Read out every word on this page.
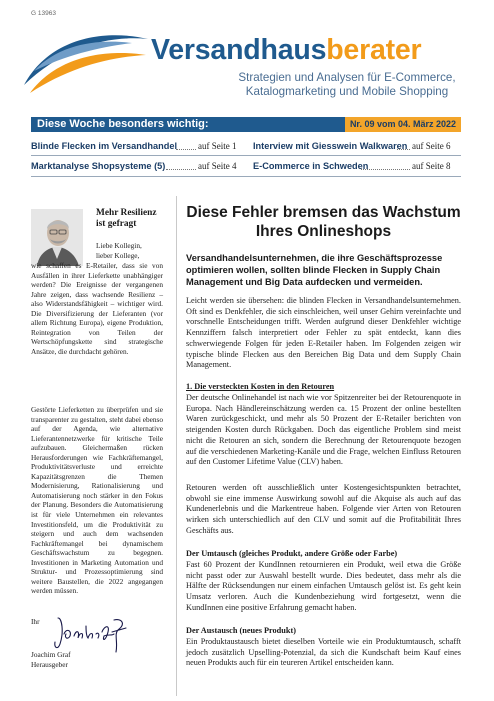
G 13963
Versandhausberater
Strategien und Analysen für E-Commerce,
Katalogmarketing und Mobile Shopping
Diese Woche besonders wichtig:	Nr. 09 vom 04. März 2022
Blinde Flecken im Versandhandel auf Seite 1 Interview mit Giesswein Walkwaren auf Seite 6
Marktanalyse Shopsysteme (5)	auf Seite 4 E-Commerce in Schweden	auf Seite 8
Mehr Resilienz
ist gefragt
Liebe Kollegin,
lieber Kollege,
wie schaffen es E-Retailer, dass sie von Ausfällen in ihrer Lieferkette unabhängiger werden? Die Ereignisse der vergangenen Jahre zeigen, dass wachsende Resilienz – also Widerstandsfähigkeit – wichtiger wird. Die Diversifizierung der Lieferanten (vor allem Richtung Europa), eigene Produktion, Reintegration von Teilen der Wertschöpfungskette sind strategische Ansätze, die durchdacht gehören.
Gestörte Lieferketten zu überprüfen und sie transparenter zu gestalten, steht dabei ebenso auf der Agenda, wie alternative Lieferantennetzwerke für kritische Teile aufzubauen. Gleichermaßen rücken Herausforderungen wie Fachkräftemangel, Produktivitätsverluste und erreichte Kapazitätsgrenzen die Themen Modernisierung, Rationalisierung und Automatisierung noch stärker in den Fokus der Planung. Besonders die Automatisierung ist für viele Unternehmen ein relevantes Investitionsfeld, um die Produktivität zu steigern und auch dem wachsenden Fachkräftemangel bei dynamischem Geschäftswachstum zu begegnen. Investitionen in Marketing Automation und Struktur- und Prozessoptimierung sind weitere Baustellen, die 2022 angegangen werden müssen.
Ihr
Joachim Graf
Herausgeber
Diese Fehler bremsen das Wachstum
Ihres Onlineshops
Versandhandelsunternehmen, die ihre Geschäftsprozesse optimieren wollen, sollten blinde Flecken in Supply Chain Management und Big Data aufdecken und vermeiden.
Leicht werden sie übersehen: die blinden Flecken in Versandhandelsunternehmen. Oft sind es Denkfehler, die sich einschleichen, weil unser Gehirn vereinfachte und vorschnelle Entscheidungen trifft. Werden aufgrund dieser Denkfehler wichtige Kennziffern falsch interpretiert oder Fehler zu spät entdeckt, kann dies schwerwiegende Folgen für jeden E-Retailer haben. Im Folgenden zeigen wir typische blinde Flecken aus den Bereichen Big Data und dem Supply Chain Management.
1. Die versteckten Kosten in den Retouren
Der deutsche Onlinehandel ist nach wie vor Spitzenreiter bei der Retourenquote in Europa. Nach Händlereinschätzung werden ca. 15 Prozent der online bestellten Waren zurückgeschickt, und mehr als 50 Prozent der E-Retailer berichten von steigenden Kosten durch Rückgaben. Doch das eigentliche Problem sind meist nicht die Retouren an sich, sondern die Berechnung der Retourenquote bezogen auf die verschiedenen Marketing-Kanäle und die Frage, welchen Einfluss Retouren auf den Customer Lifetime Value (CLV) haben.
Retouren werden oft ausschließlich unter Kostengesichtspunkten betrachtet, obwohl sie eine immense Auswirkung sowohl auf die Akquise als auch auf das Kundenerlebnis und die Markentreue haben. Folgende vier Arten von Retouren wirken sich unterschiedlich auf den CLV und somit auf die Profitabilität Ihres Geschäfts aus.
Der Umtausch (gleiches Produkt, andere Größe oder Farbe)
Fast 60 Prozent der KundInnen retournieren ein Produkt, weil etwa die Größe nicht passt oder zur Auswahl bestellt wurde. Dies bedeutet, dass mehr als die Hälfte der Rücksendungen nur einem einfachen Umtausch gelöst ist. Es geht kein Umsatz verloren. Auch die Kundenbeziehung wird fortgesetzt, wenn die KundInnen eine positive Erfahrung gemacht haben.
Der Austausch (neues Produkt)
Ein Produktaustausch bietet dieselben Vorteile wie ein Produktumtausch, schafft jedoch zusätzlich Upselling-Potenzial, da sich die Kundschaft beim Kauf eines neuen Produkts auch für ein teureren Artikel entscheiden kann.
